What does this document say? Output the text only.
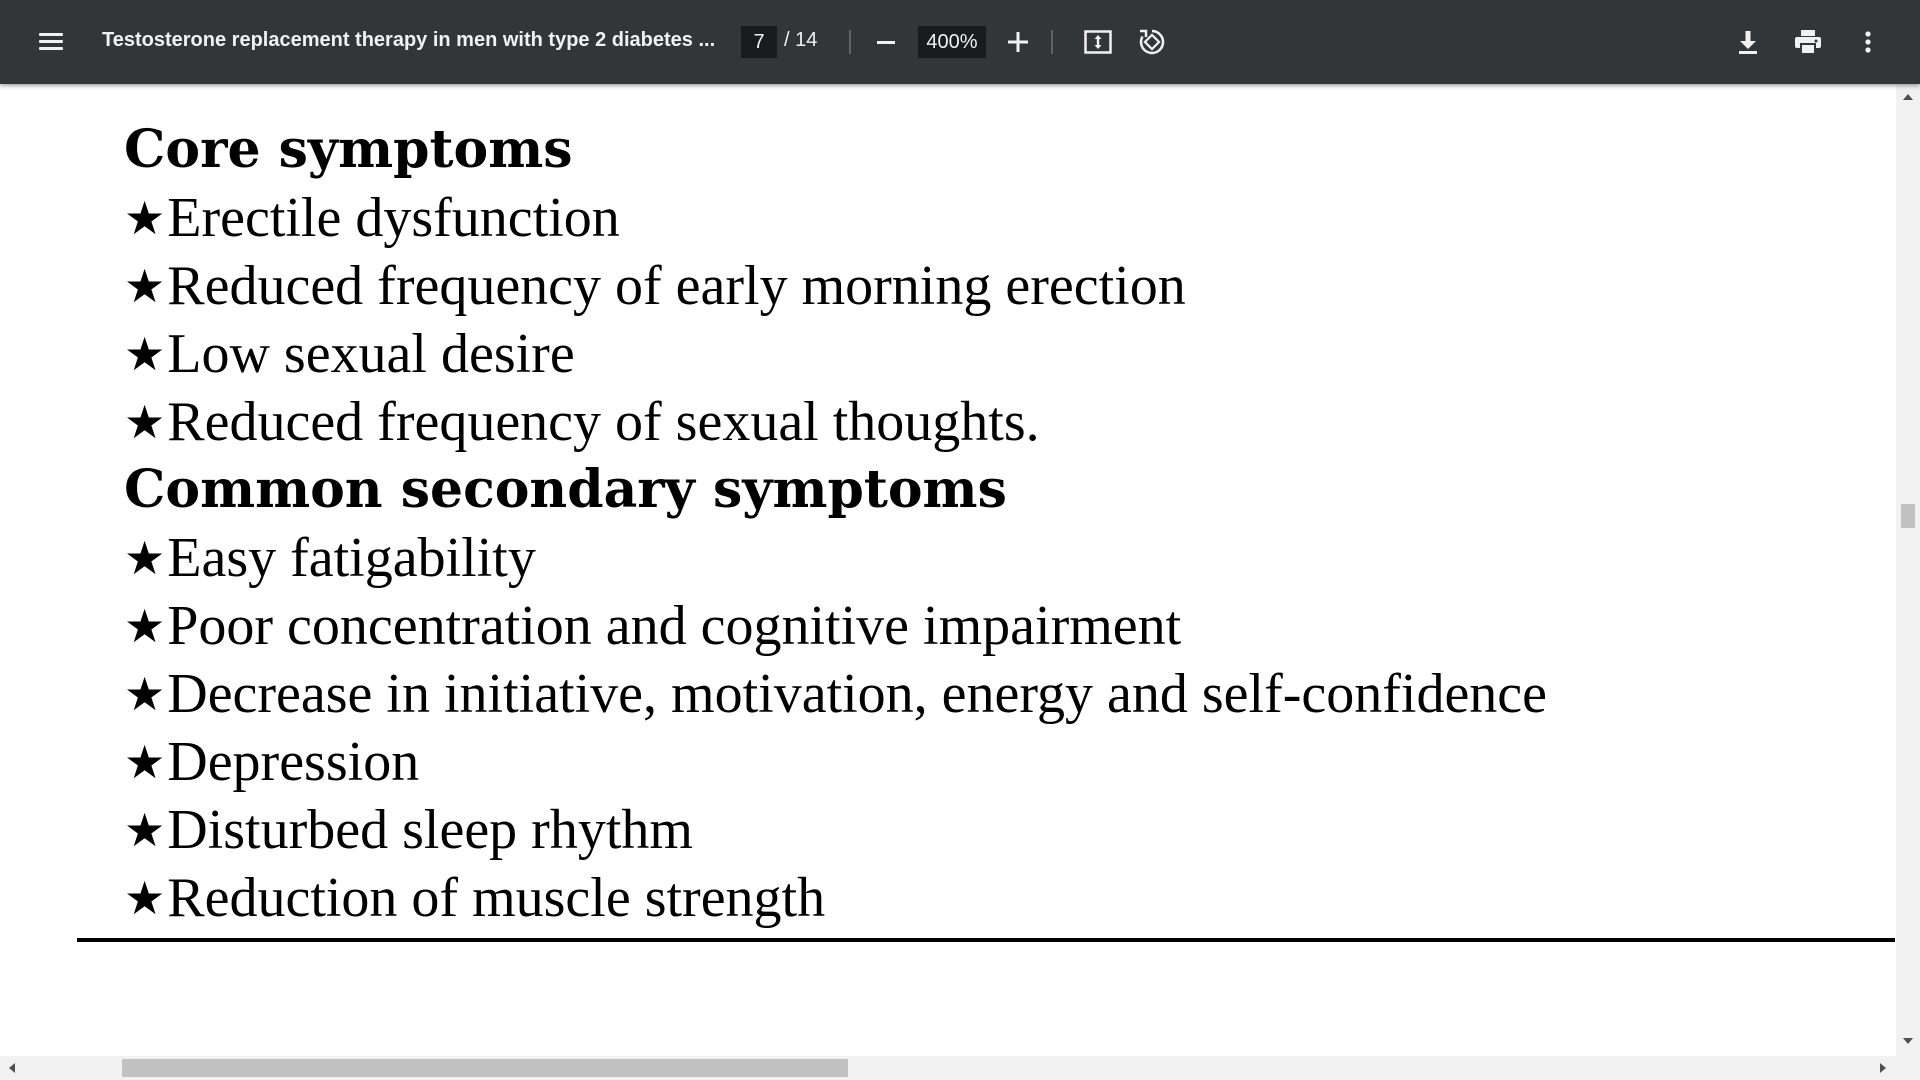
Testosterone replacement therapy in men with type 2 diabetes ...	7 / 14	400%
Core symptoms
★Erectile dysfunction
★Reduced frequency of early morning erection
★Low sexual desire
★Reduced frequency of sexual thoughts.
Common secondary symptoms
★Easy fatigability
★Poor concentration and cognitive impairment
★Decrease in initiative, motivation, energy and self-confidence
★Depression
★Disturbed sleep rhythm
★Reduction of muscle strength
